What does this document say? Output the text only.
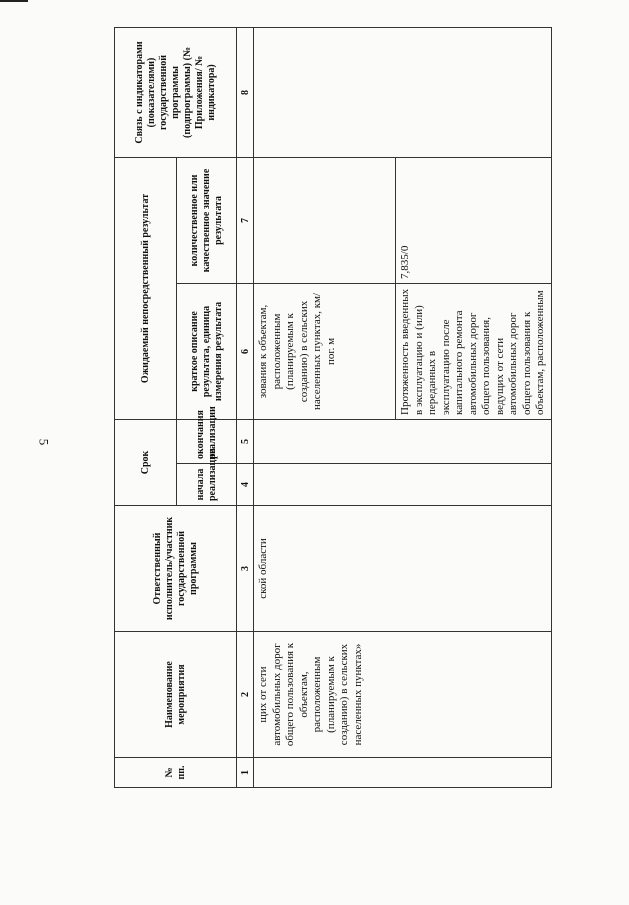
5
№ пп.	Наименование мероприятия	Ответственный исполнитель/участник государственной программы	Срок		Ожидаемый непосредственный результат		Связь с индикаторами (показателями) государственной программы (подпрограммы) (№ Приложения/ № индикатора)
			начала реализации	окончания реализации	краткое описание результата, единица измерения результата	количественное или качественное значение результата	
1	2	3	4	5	6	7	8
	щих от сети автомобильных дорог общего пользования к объектам, расположенным (планируемым к созданию) в сельских населенных пунктах»	ской области			зования к объектам, расположенным (планируемым к созданию) в сельских населенных пунктах, км/пог. м		
					Протяженность введенных в эксплуатацию и (или) переданных в эксплуатацию после капитального ремонта автомобильных дорог общего пользования, ведущих от сети автомобильных дорог общего пользования к объектам, расположенным	7,835/0	
